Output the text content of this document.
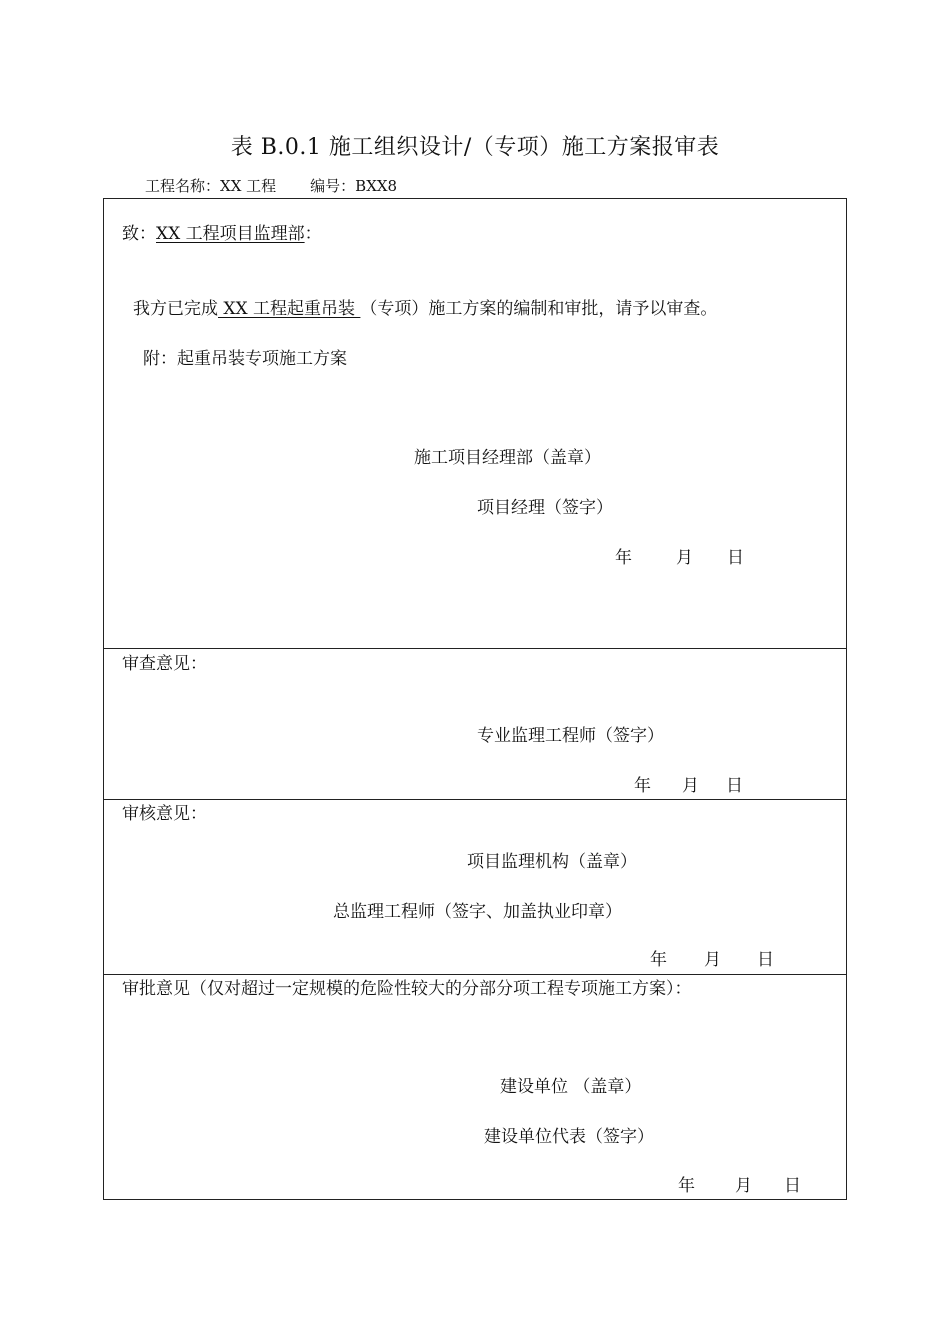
表 B.0.1 施工组织设计/（专项）施工方案报审表
工程名称：XX 工程 编号：BXX8
致：XX 工程项目监理部：
我方已完成 XX 工程起重吊装 （专项）施工方案的编制和审批，请予以审查。
附：起重吊装专项施工方案
施工项目经理部（盖章）
项目经理（签字）
年	月 日
审查意见：
专业监理工程师（签字）
年 月 日
审核意见：
项目监理机构（盖章）
总监理工程师（签字、加盖执业印章）
年 月 日
审批意见（仅对超过一定规模的危险性较大的分部分项工程专项施工方案）：
建设单位 （盖章）
建设单位代表（签字）
年 月 日
